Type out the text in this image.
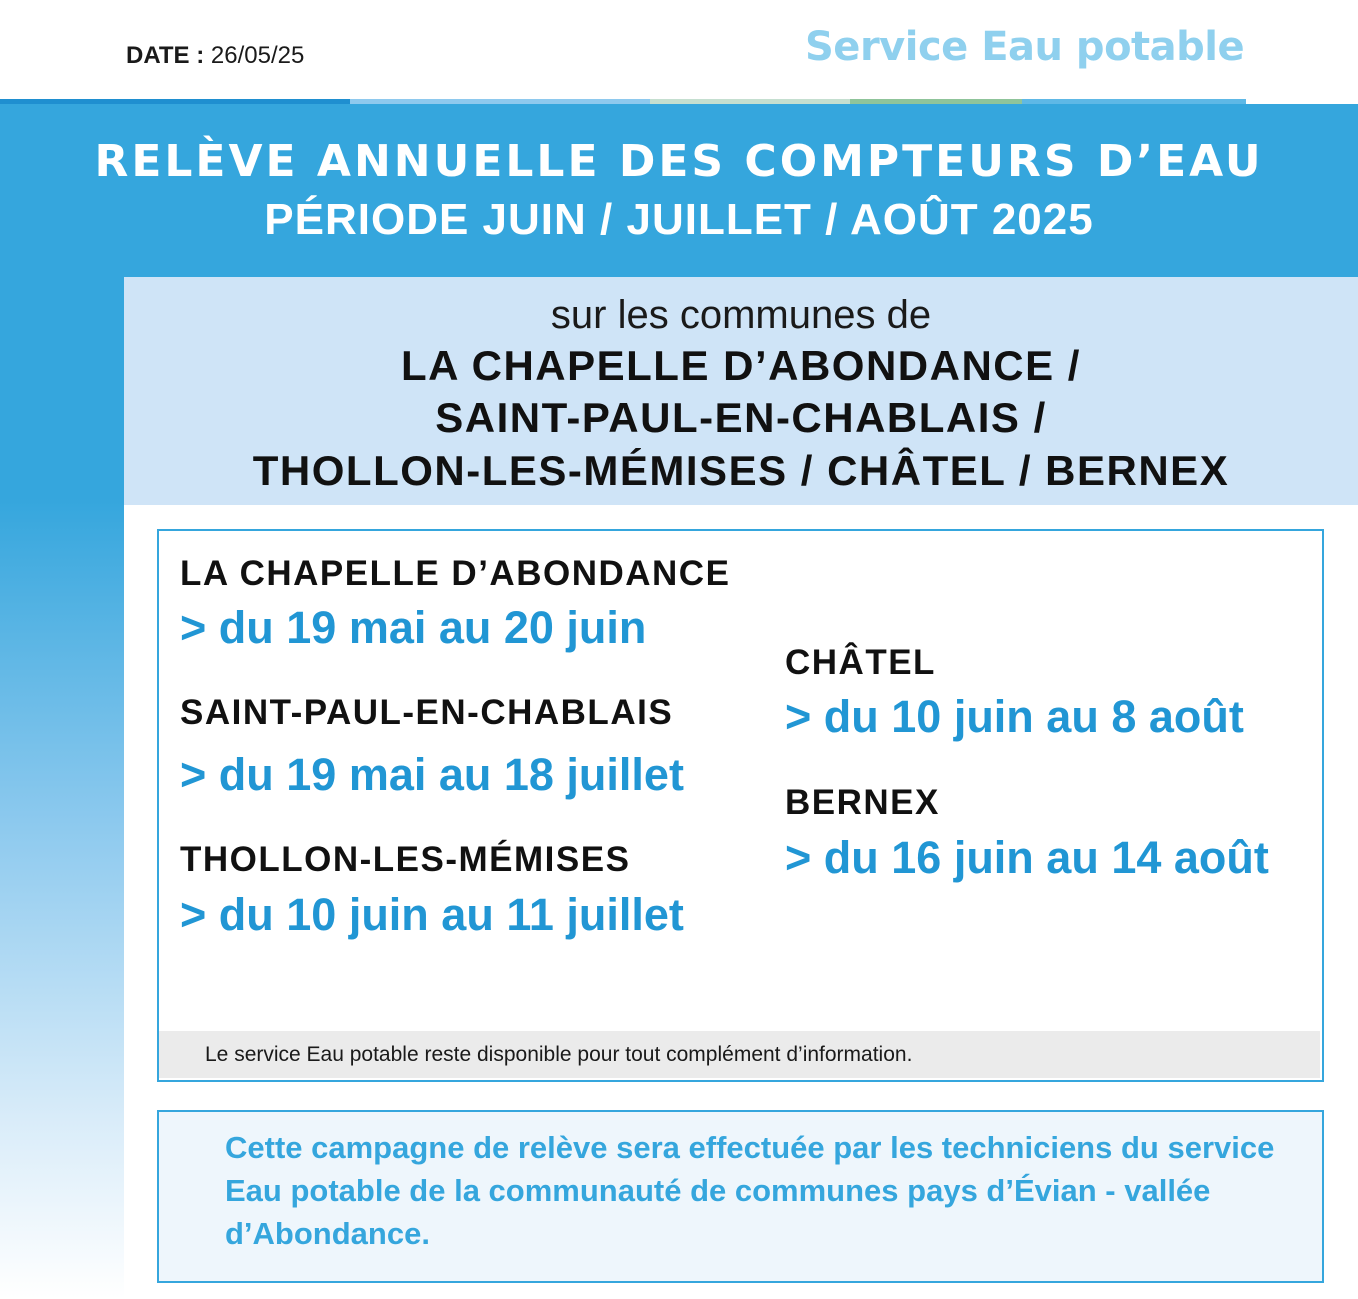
DATE : 26/05/25	Service Eau potable
RELÈVE ANNUELLE DES COMPTEURS D’EAU
PÉRIODE JUIN / JUILLET / AOÛT 2025
sur les communes de
LA CHAPELLE D’ABONDANCE /
SAINT-PAUL-EN-CHABLAIS /
THOLLON-LES-MÉMISES / CHÂTEL / BERNEX
LA CHAPELLE D’ABONDANCE
> du 19 mai au 20 juin
SAINT-PAUL-EN-CHABLAIS
> du 19 mai au 18 juillet
THOLLON-LES-MÉMISES
> du 10 juin au 11 juillet
CHÂTEL
> du 10 juin au 8 août
BERNEX
> du 16 juin au 14 août
Le service Eau potable reste disponible pour tout complément d’information.
Cette campagne de relève sera effectuée par les techniciens du service Eau potable de la communauté de communes pays d’Évian - vallée d’Abondance.
